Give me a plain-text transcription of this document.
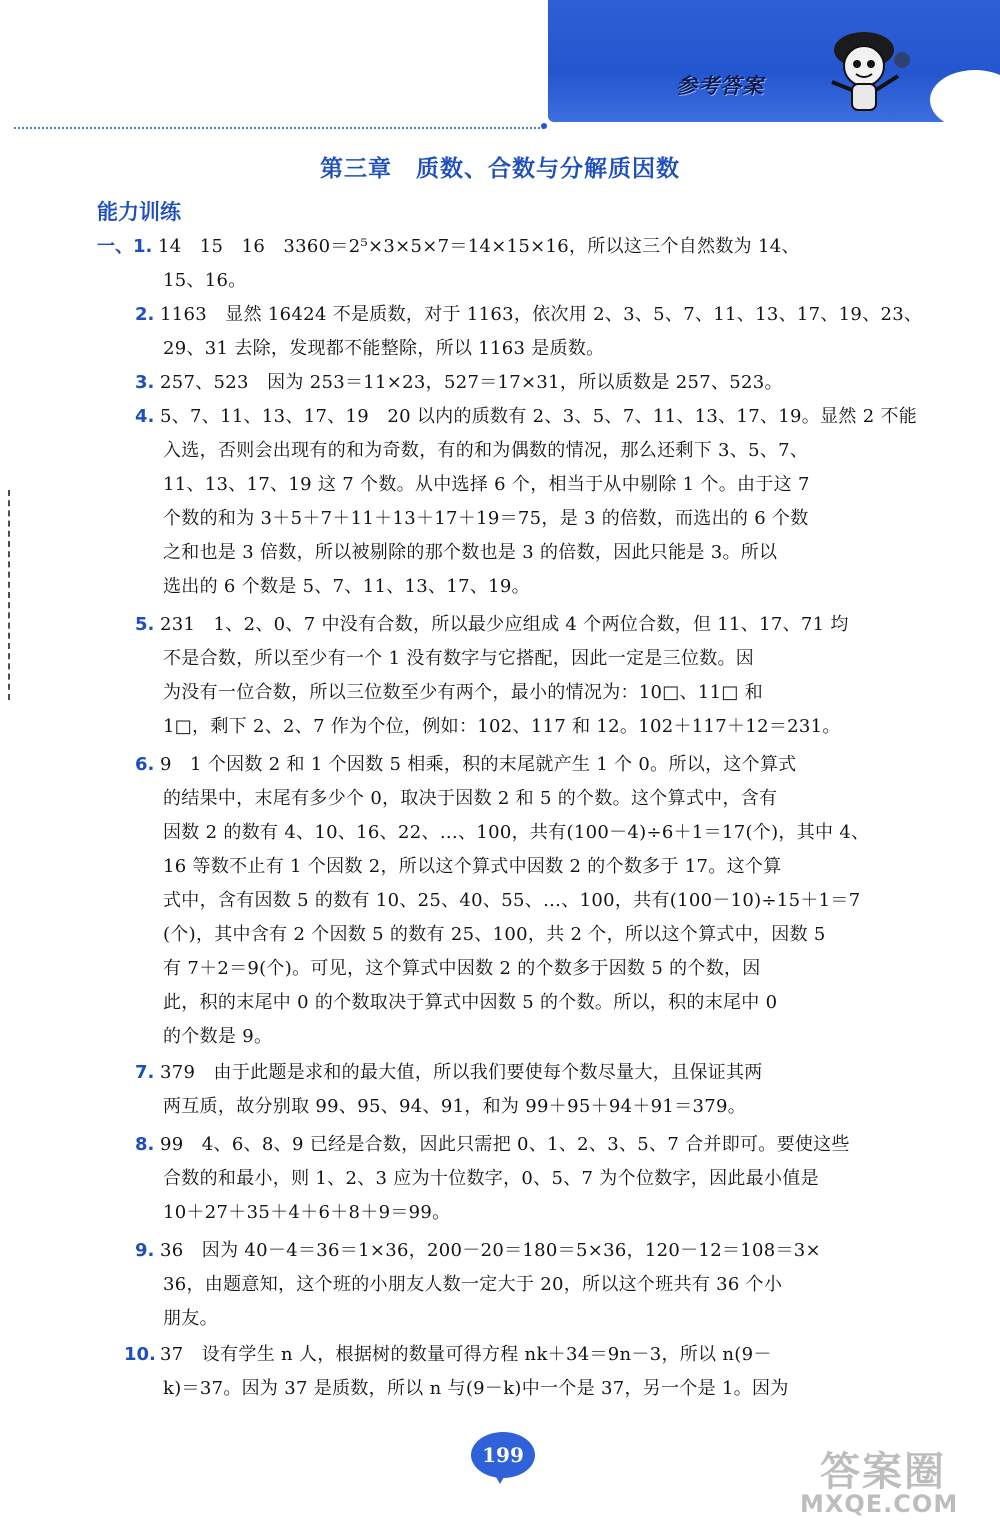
参考答案
第三章　质数、合数与分解质因数
能力训练
一、1. 14　15　16　3360＝2⁵×3×5×7＝14×15×16，所以这三个自然数为 14、
15、16。
2. 1163　显然 16424 不是质数，对于 1163，依次用 2、3、5、7、11、13、17、19、23、
29、31 去除，发现都不能整除，所以 1163 是质数。
3. 257、523　因为 253＝11×23，527＝17×31，所以质数是 257、523。
4. 5、7、11、13、17、19　20 以内的质数有 2、3、5、7、11、13、17、19。显然 2 不能
入选，否则会出现有的和为奇数，有的和为偶数的情况，那么还剩下 3、5、7、
11、13、17、19 这 7 个数。从中选择 6 个，相当于从中剔除 1 个。由于这 7
个数的和为 3＋5＋7＋11＋13＋17＋19＝75，是 3 的倍数，而选出的 6 个数
之和也是 3 倍数，所以被剔除的那个数也是 3 的倍数，因此只能是 3。所以
选出的 6 个数是 5、7、11、13、17、19。
5. 231　1、2、0、7 中没有合数，所以最少应组成 4 个两位合数，但 11、17、71 均
不是合数，所以至少有一个 1 没有数字与它搭配，因此一定是三位数。因
为没有一位合数，所以三位数至少有两个，最小的情况为：10□、11□ 和
1□，剩下 2、2、7 作为个位，例如：102、117 和 12。102＋117＋12＝231。
6. 9　1 个因数 2 和 1 个因数 5 相乘，积的末尾就产生 1 个 0。所以，这个算式
的结果中，末尾有多少个 0，取决于因数 2 和 5 的个数。这个算式中，含有
因数 2 的数有 4、10、16、22、…、100，共有(100－4)÷6＋1＝17(个)，其中 4、
16 等数不止有 1 个因数 2，所以这个算式中因数 2 的个数多于 17。这个算
式中，含有因数 5 的数有 10、25、40、55、…、100，共有(100－10)÷15＋1＝7
(个)，其中含有 2 个因数 5 的数有 25、100，共 2 个，所以这个算式中，因数 5
有 7＋2＝9(个)。可见，这个算式中因数 2 的个数多于因数 5 的个数，因
此，积的末尾中 0 的个数取决于算式中因数 5 的个数。所以，积的末尾中 0
的个数是 9。
7. 379　由于此题是求和的最大值，所以我们要使每个数尽量大，且保证其两
两互质，故分别取 99、95、94、91，和为 99＋95＋94＋91＝379。
8. 99　4、6、8、9 已经是合数，因此只需把 0、1、2、3、5、7 合并即可。要使这些
合数的和最小，则 1、2、3 应为十位数字，0、5、7 为个位数字，因此最小值是
10＋27＋35＋4＋6＋8＋9＝99。
9. 36　因为 40－4＝36＝1×36，200－20＝180＝5×36，120－12＝108＝3×
36，由题意知，这个班的小朋友人数一定大于 20，所以这个班共有 36 个小
朋友。
10. 37　设有学生 n 人，根据树的数量可得方程 nk＋34＝9n－3，所以 n(9－
k)＝37。因为 37 是质数，所以 n 与(9－k)中一个是 37，另一个是 1。因为
199	答案圈
MXQE.COM
